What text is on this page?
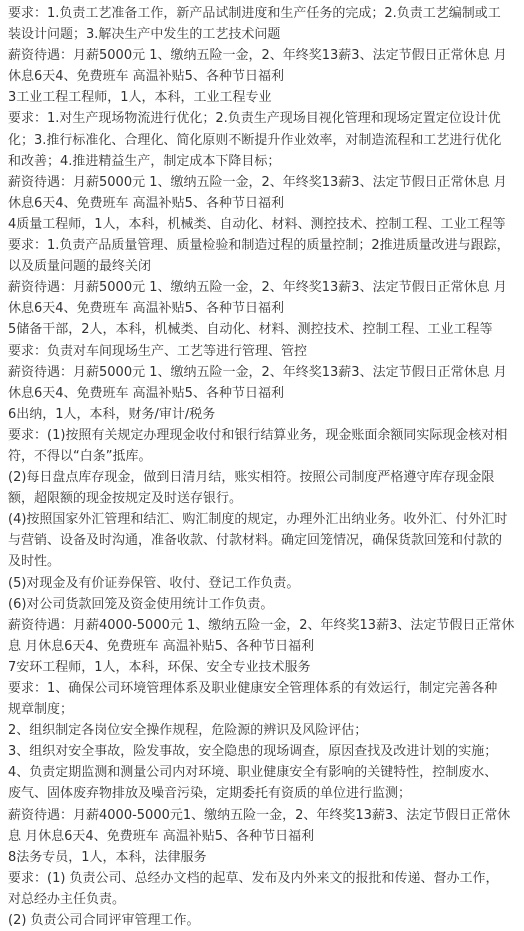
要求：1.负责工艺准备工作，新产品试制进度和生产任务的完成；2.负责工艺编制或工

装设计问题；3.解决生产中发生的工艺技术问题

薪资待遇：月薪5000元 1、缴纳五险一金，2、年终奖13薪3、法定节假日正常休息 月

休息6天4、免费班车 高温补贴5、各种节日福利

3工业工程工程师，1人，本科，工业工程专业

要求：1.对生产现场物流进行优化；2.负责生产现场目视化管理和现场定置定位设计优

化；3.推行标准化、合理化、简化原则不断提升作业效率，对制造流程和工艺进行优化

和改善；4.推进精益生产，制定成本下降目标；

薪资待遇：月薪5000元 1、缴纳五险一金，2、年终奖13薪3、法定节假日正常休息 月

休息6天4、免费班车 高温补贴5、各种节日福利

4质量工程师，1人，本科，机械类、自动化、材料、测控技术、控制工程、工业工程等

要求：1.负责产品质量管理、质量检验和制造过程的质量控制；2推进质量改进与跟踪，

以及质量问题的最终关闭

薪资待遇：月薪5000元 1、缴纳五险一金，2、年终奖13薪3、法定节假日正常休息 月

休息6天4、免费班车 高温补贴5、各种节日福利

5储备干部，2人，本科，机械类、自动化、材料、测控技术、控制工程、工业工程等

要求：负责对车间现场生产、工艺等进行管理、管控

薪资待遇：月薪5000元 1、缴纳五险一金，2、年终奖13薪3、法定节假日正常休息 月

休息6天4、免费班车 高温补贴5、各种节日福利

6出纳，1人，本科，财务/审计/税务

要求：(1)按照有关规定办理现金收付和银行结算业务，现金账面余额同实际现金核对相

符，不得以“白条”抵库。

(2)每日盘点库存现金，做到日清月结，账实相符。按照公司制度严格遵守库存现金限

额，超限额的现金按规定及时送存银行。

(4)按照国家外汇管理和结汇、购汇制度的规定，办理外汇出纳业务。收外汇、付外汇时

与营销、设备及时沟通，准备收款、付款材料。确定回笼情况，确保货款回笼和付款的

及时性。

(5)对现金及有价证券保管、收付、登记工作负责。

(6)对公司货款回笼及资金使用统计工作负责。

薪资待遇：月薪4000-5000元 1、缴纳五险一金，2、年终奖13薪3、法定节假日正常休

息 月休息6天4、免费班车 高温补贴5、各种节日福利

7安环工程师，1人，本科，环保、安全专业技术服务

要求：1、确保公司环境管理体系及职业健康安全管理体系的有效运行，制定完善各种

规章制度；

2、组织制定各岗位安全操作规程，危险源的辨识及风险评估；

3、组织对安全事故，险发事故，安全隐患的现场调查，原因查找及改进计划的实施；

4、负责定期监测和测量公司内对环境、职业健康安全有影响的关键特性，控制废水、

废气、固体废弃物排放及噪音污染，定期委托有资质的单位进行监测；

薪资待遇：月薪4000-5000元1、缴纳五险一金，2、年终奖13薪3、法定节假日正常休

息 月休息6天4、免费班车 高温补贴5、各种节日福利

8法务专员，1人，本科，法律服务

要求：(1) 负责公司、总经办文档的起草、发布及内外来文的报批和传递、督办工作，

对总经办主任负责。

(2) 负责公司合同评审管理工作。
